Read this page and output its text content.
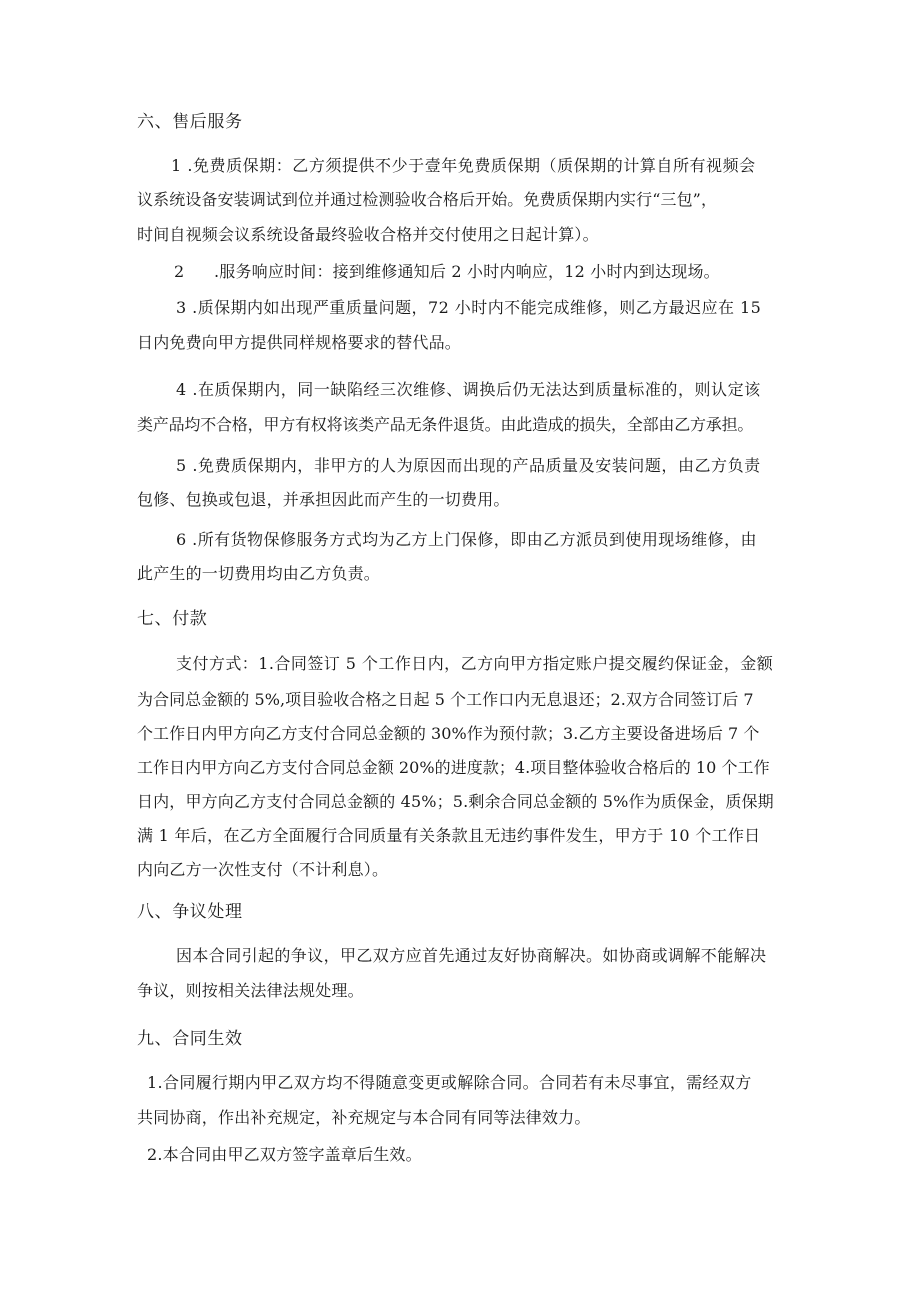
六、售后服务
1 .免费质保期：乙方须提供不少于壹年免费质保期（质保期的计算自所有视频会
议系统设备安装调试到位并通过检测验收合格后开始。免费质保期内实行“三包”，
时间自视频会议系统设备最终验收合格并交付使用之日起计算）。
2 .服务响应时间：接到维修通知后 2 小时内响应，12 小时内到达现场。
3 .质保期内如出现严重质量问题，72 小时内不能完成维修，则乙方最迟应在 15
日内免费向甲方提供同样规格要求的替代品。
4 .在质保期内，同一缺陷经三次维修、调换后仍无法达到质量标准的，则认定该
类产品均不合格，甲方有权将该类产品无条件退货。由此造成的损失，全部由乙方承担。
5 .免费质保期内，非甲方的人为原因而出现的产品质量及安装问题，由乙方负责
包修、包换或包退，并承担因此而产生的一切费用。
6 .所有货物保修服务方式均为乙方上门保修，即由乙方派员到使用现场维修，由
此产生的一切费用均由乙方负责。
七、付款
支付方式：1.合同签订 5 个工作日内，乙方向甲方指定账户提交履约保证金，金额
为合同总金额的 5%,项目验收合格之日起 5 个工作口内无息退还；2.双方合同签订后 7
个工作日内甲方向乙方支付合同总金额的 30%作为预付款；3.乙方主要设备进场后 7 个
工作日内甲方向乙方支付合同总金额 20%的进度款；4.项目整体验收合格后的 10 个工作
日内，甲方向乙方支付合同总金额的 45%；5.剩余合同总金额的 5%作为质保金，质保期
满 1 年后，在乙方全面履行合同质量有关条款且无违约事件发生，甲方于 10 个工作日
内向乙方一次性支付（不计利息）。
八、争议处理
因本合同引起的争议，甲乙双方应首先通过友好协商解决。如协商或调解不能解决
争议，则按相关法律法规处理。
九、合同生效
1.合同履行期内甲乙双方均不得随意变更或解除合同。合同若有未尽事宜，需经双方
共同协商，作出补充规定，补充规定与本合同有同等法律效力。
2.本合同由甲乙双方签字盖章后生效。
